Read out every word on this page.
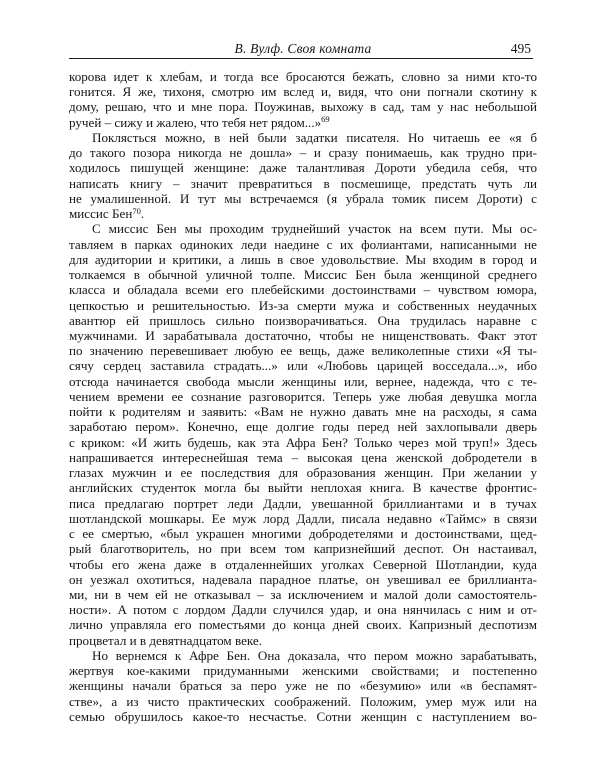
В. Вулф. Своя комната	495
корова идет к хлебам, и тогда все бросаются бежать, словно за ними кто-то
гонится. Я же, тихоня, смотрю им вслед и, видя, что они погнали скотину к
дому, решаю, что и мне пора. Поужинав, выхожу в сад, там у нас небольшой
ручей – сижу и жалею, что тебя нет рядом...»$^{69}$
Поклясться можно, в ней были задатки писателя. Но читаешь ее «я б
до такого позора никогда не дошла» – и сразу понимаешь, как трудно при-
ходилось пишущей женщине: даже талантливая Дороти убедила себя, что
написать книгу – значит превратиться в посмешище, предстать чуть ли
не умалишенной. И тут мы встречаемся (я убрала томик писем Дороти) с
миссис Бен$^{70}$.
С миссис Бен мы проходим труднейший участок на всем пути. Мы ос-
тавляем в парках одиноких леди наедине с их фолиантами, написанными не
для аудитории и критики, а лишь в свое удовольствие. Мы входим в город и
толкаемся в обычной уличной толпе. Миссис Бен была женщиной среднего
класса и обладала всеми его плебейскими достоинствами – чувством юмора,
цепкостью и решительностью. Из-за смерти мужа и собственных неудачных
авантюр ей пришлось сильно поизворачиваться. Она трудилась наравне с
мужчинами. И зарабатывала достаточно, чтобы не нищенствовать. Факт этот
по значению перевешивает любую ее вещь, даже великолепные стихи «Я ты-
сячу сердец заставила страдать...» или «Любовь царицей восседала...», ибо
отсюда начинается свобода мысли женщины или, вернее, надежда, что с те-
чением времени ее сознание разговорится. Теперь уже любая девушка могла
пойти к родителям и заявить: «Вам не нужно давать мне на расходы, я сама
заработаю пером». Конечно, еще долгие годы перед ней захлопывали дверь
с криком: «И жить будешь, как эта Афра Бен? Только через мой труп!» Здесь
напрашивается интереснейшая тема – высокая цена женской добродетели в
глазах мужчин и ее последствия для образования женщин. При желании у
английских студенток могла бы выйти неплохая книга. В качестве фронтис-
писа предлагаю портрет леди Дадли, увешанной бриллиантами и в тучах
шотландской мошкары. Ее муж лорд Дадли, писала недавно «Таймс» в связи
с ее смертью, «был украшен многими добродетелями и достоинствами, щед-
рый благотворитель, но при всем том капризнейший деспот. Он настаивал,
чтобы его жена даже в отдаленнейших уголках Северной Шотландии, куда
он уезжал охотиться, надевала парадное платье, он увешивал ее бриллианта-
ми, ни в чем ей не отказывал – за исключением и малой доли самостоятель-
ности». А потом с лордом Дадли случился удар, и она нянчилась с ним и от-
лично управляла его поместьями до конца дней своих. Капризный деспотизм
процветал и в девятнадцатом веке.
Но вернемся к Афре Бен. Она доказала, что пером можно зарабатывать,
жертвуя кое-какими придуманными женскими свойствами; и постепенно
женщины начали браться за перо уже не по «безумию» или «в беспамят-
стве», а из чисто практических соображений. Положим, умер муж или на
семью обрушилось какое-то несчастье. Сотни женщин с наступлением во-
